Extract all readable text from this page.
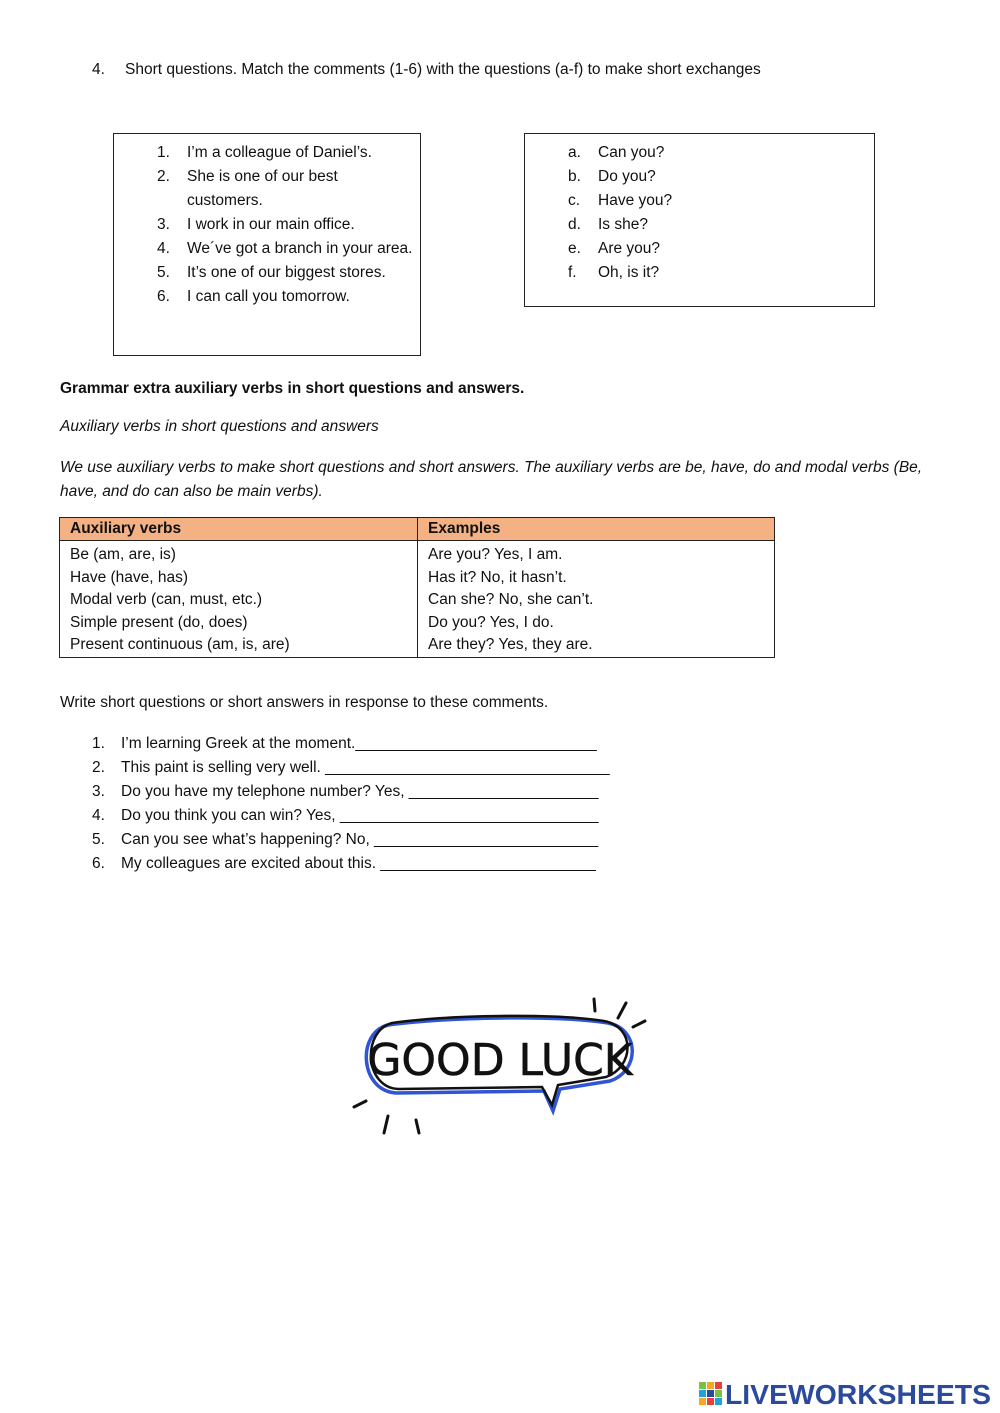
4. Short questions. Match the comments (1-6) with the questions (a-f) to make short exchanges
1.	I’m a colleague of Daniel’s.
2.	She is one of our best customers.
3.	I work in our main office.
4.	We´ve got a branch in your area.
5.	It’s one of our biggest stores.
6.	I can call you tomorrow.
a.	Can you?
b.	Do you?
c.	Have you?
d.	Is she?
e.	Are you?
f.	Oh, is it?
Grammar extra auxiliary verbs in short questions and answers.
Auxiliary verbs in short questions and answers
We use auxiliary verbs to make short questions and short answers. The auxiliary verbs are be, have, do and modal verbs (Be, have, and do can also be main verbs).
Auxiliary verbs	Examples
Be (am, are, is)	Are you? Yes, I am.
Have (have, has)	Has it? No, it hasn’t.
Modal verb (can, must, etc.)	Can she? No, she can’t.
Simple present (do, does)	Do you? Yes, I do.
Present continuous (am, is, are)	Are they? Yes, they are.
Write short questions or short answers in response to these comments.
1. I’m learning Greek at the moment.____________________________
2. This paint is selling very well. _________________________________
3. Do you have my telephone number? Yes, ______________________
4. Do you think you can win? Yes, ______________________________
5. Can you see what’s happening? No, __________________________
6. My colleagues are excited about this. _________________________
GOOD LUCK
LIVEWORKSHEETS
